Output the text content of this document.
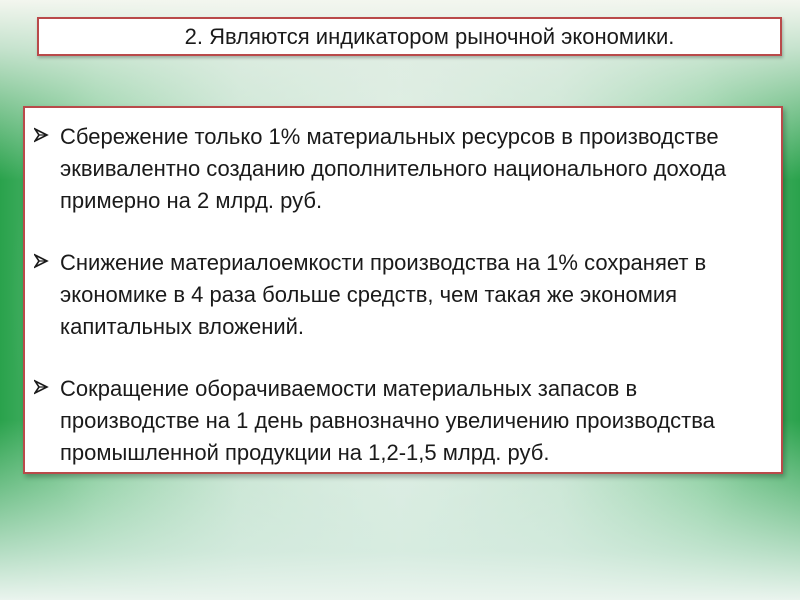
2. Являются индикатором рыночной экономики.
Сбережение только 1% материальных ресурсов в производстве эквивалентно созданию дополнительного национального дохода примерно на 2 млрд. руб.
Снижение материалоемкости производства на 1% сохраняет в экономике в 4 раза больше средств, чем такая же экономия капитальных вложений.
Сокращение оборачиваемости материальных запасов в производстве на 1 день равнозначно увеличению производства промышленной продукции на 1,2-1,5 млрд. руб.
